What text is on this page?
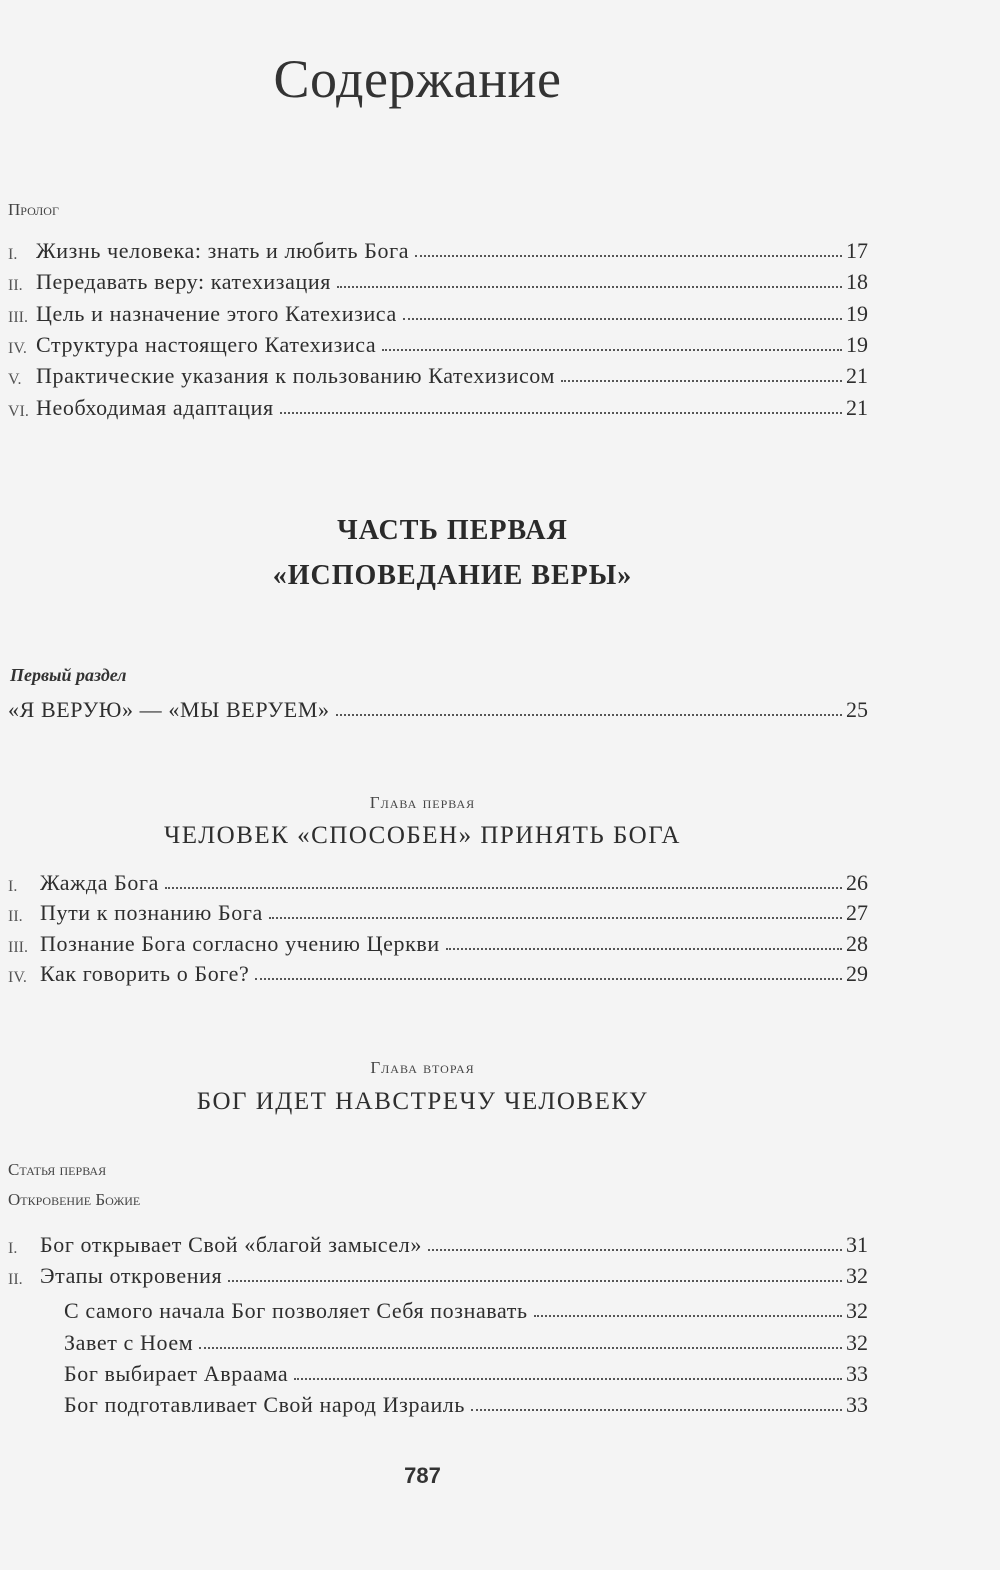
Содержание
Пролог
I. Жизнь человека: знать и любить Бога	17
II. Передавать веру: катехизация	18
III. Цель и назначение этого Катехизиса	19
IV. Структура настоящего Катехизиса	19
V. Практические указания к пользованию Катехизисом	21
VI. Необходимая адаптация	21
ЧАСТЬ ПЕРВАЯ
«ИСПОВЕДАНИЕ ВЕРЫ»
Первый раздел
«Я ВЕРУЮ» — «МЫ ВЕРУЕМ»	25
Глава первая
ЧЕЛОВЕК «СПОСОБЕН» ПРИНЯТЬ БОГА
I.	Жажда Бога	26
II. Пути к познанию Бога	27
III. Познание Бога согласно учению Церкви	28
IV. Как говорить о Боге?	29
Глава вторая
БОГ ИДЕТ НАВСТРЕЧУ ЧЕЛОВЕКУ
Статья первая
Откровение Божие
I.	Бог открывает Свой «благой замысел»	31
II. Этапы откровения	32
С самого начала Бог позволяет Себя познавать	32
Завет с Ноем	32
Бог выбирает Авраама	33
Бог подготавливает Свой народ Израиль	33
787
